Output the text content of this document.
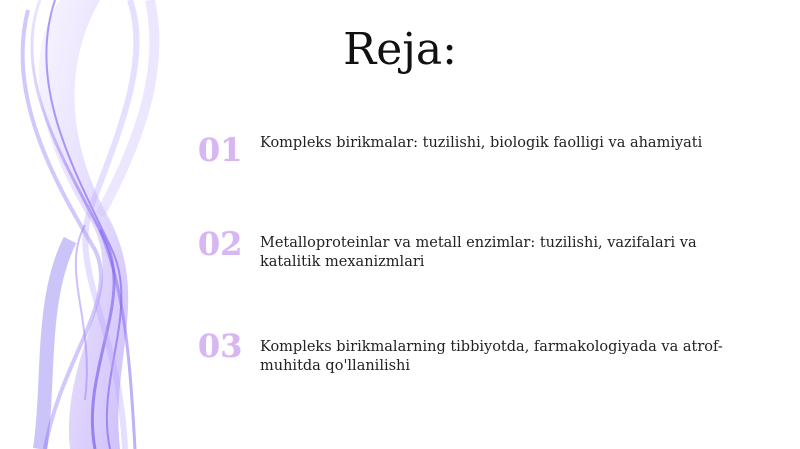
Reja:
01	Kompleks birikmalar: tuzilishi, biologik faolligi va ahamiyati
02	Metalloproteinlar va metall enzimlar: tuzilishi, vazifalari va katalitik mexanizmlari
03	Kompleks birikmalarning tibbiyotda, farmakologiyada va atrof-muhitda qo'llanilishi
